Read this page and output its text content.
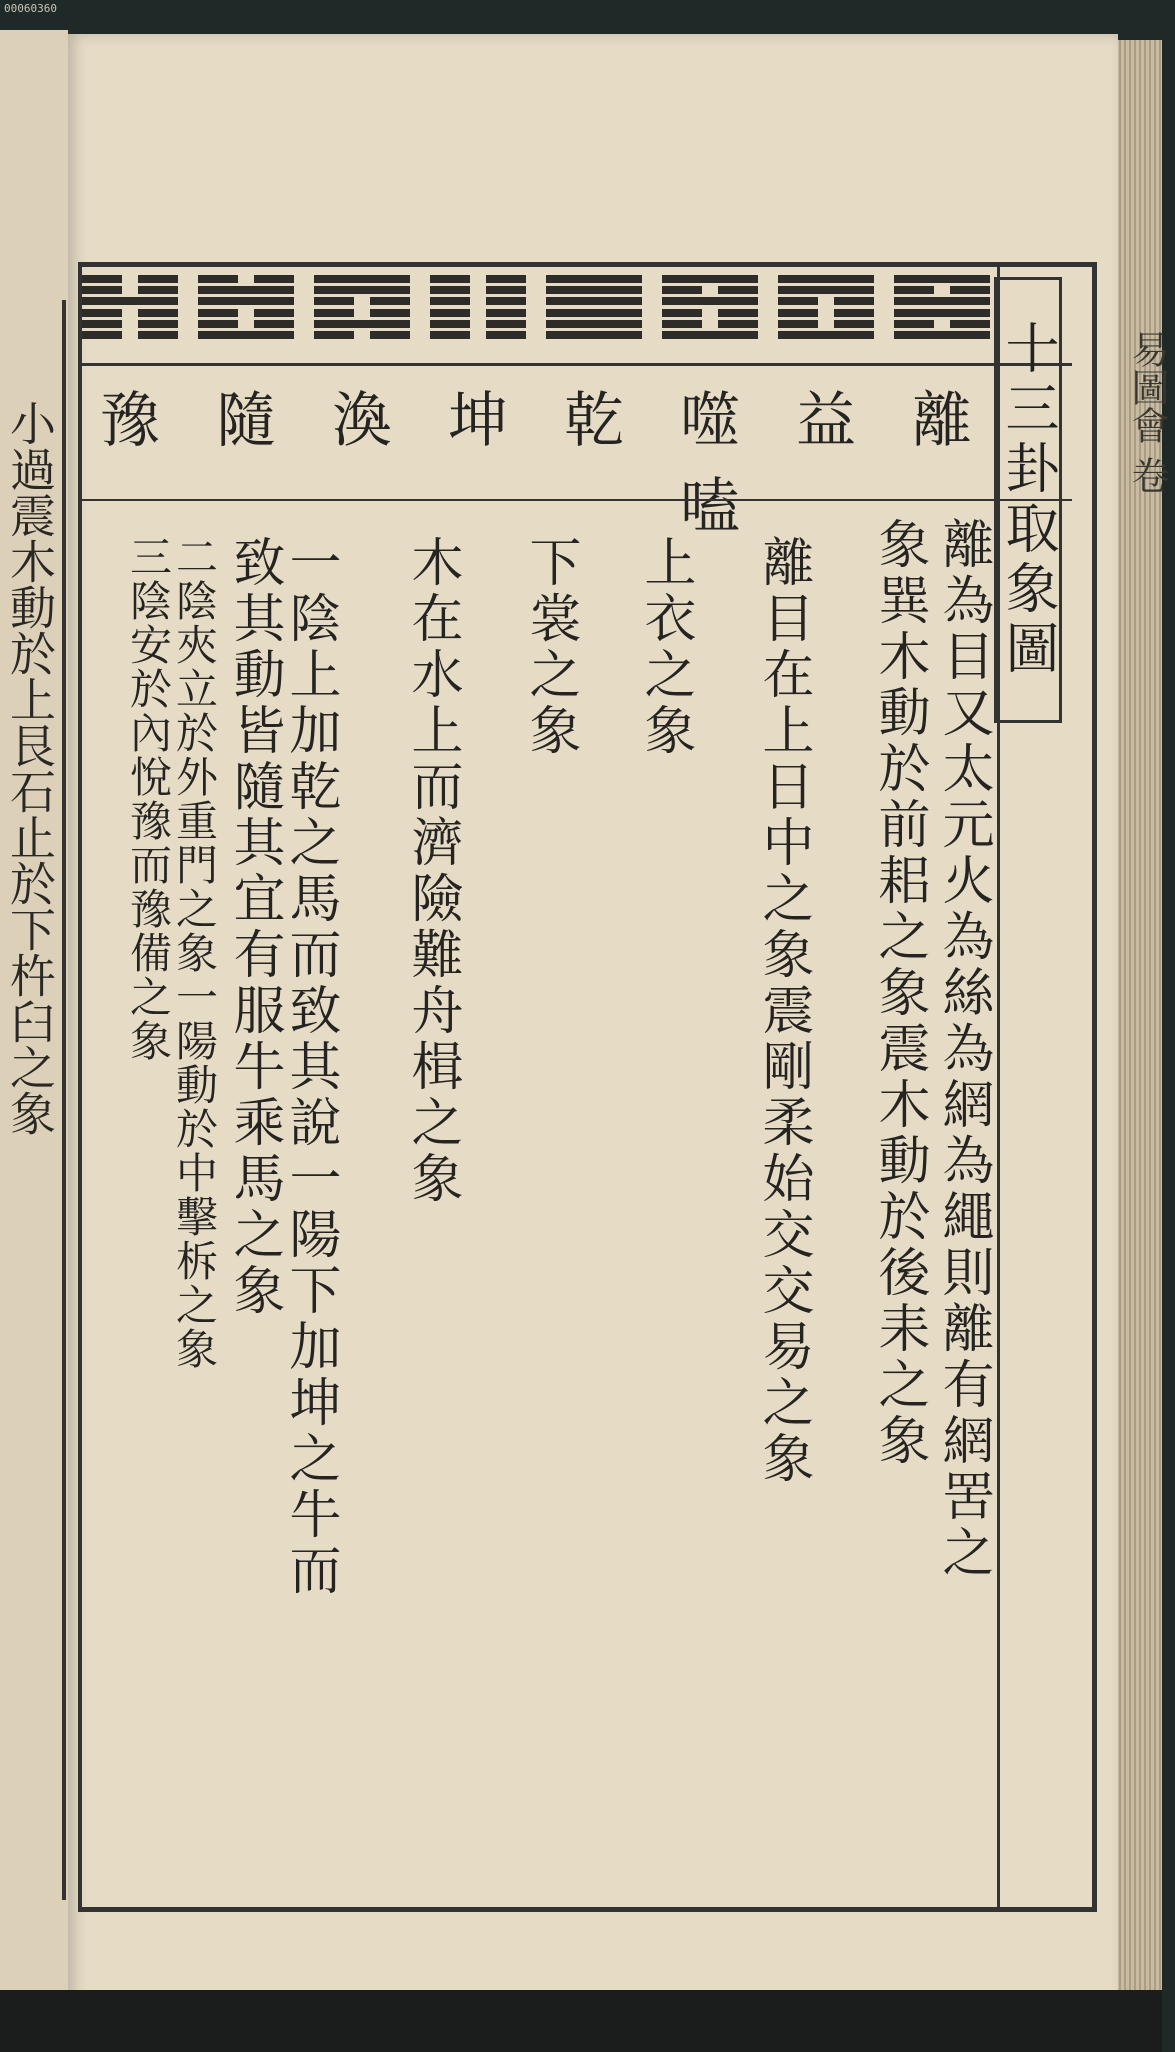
00060360
小過震木動於上艮石止於下杵臼之象	易圖會 卷
離
益
噬嗑
乾
坤
渙
隨
豫	十三卦取象圖
離為目又太元火為絲為網為繩則離有網罟之
象巽木動於前耜之象震木動於後耒之象
離目在上日中之象震剛柔始交交易之象
上衣之象
下裳之象
木在水上而濟險難舟楫之象
一陰上加乾之馬而致其說一陽下加坤之牛而
致其動皆隨其宜有服牛乘馬之象
二陰夾立於外重門之象一陽動於中擊柝之象
三陰安於內悅豫而豫備之象
